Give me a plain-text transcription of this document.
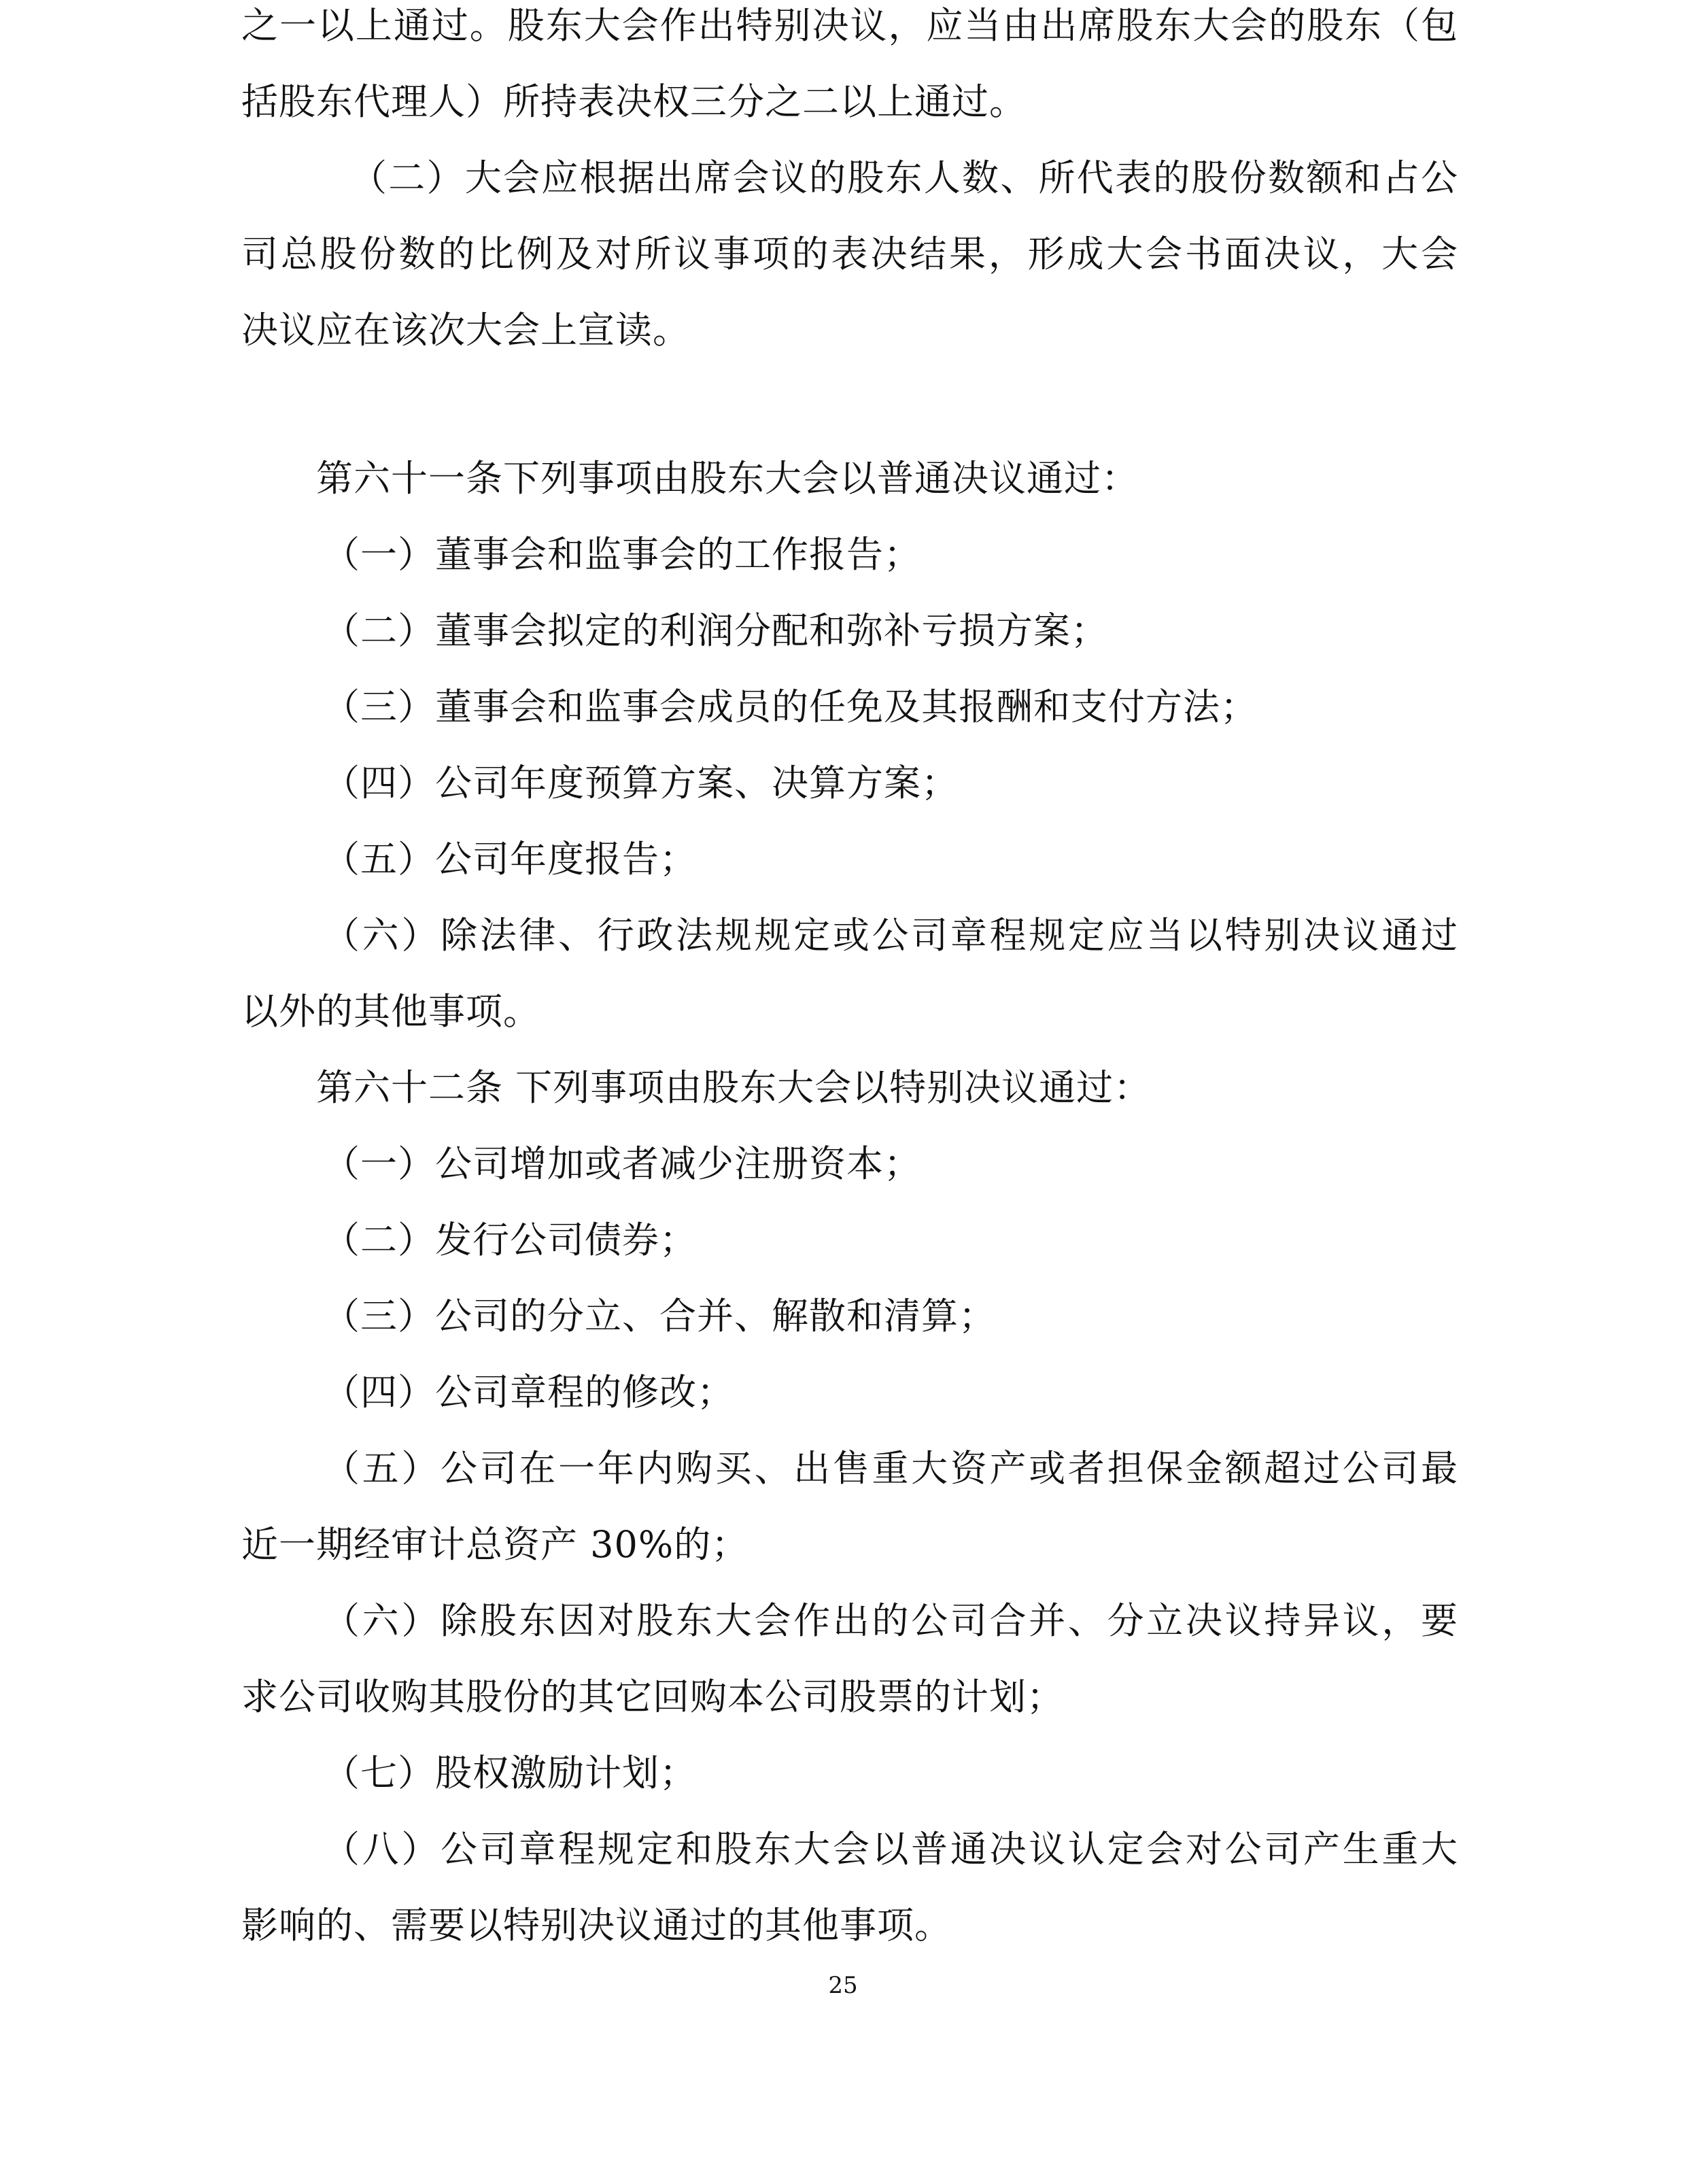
之一以上通过。股东大会作出特别决议，应当由出席股东大会的股东（包

括股东代理人）所持表决权三分之二以上通过。

（二）大会应根据出席会议的股东人数、所代表的股份数额和占公

司总股份数的比例及对所议事项的表决结果，形成大会书面决议，大会

决议应在该次大会上宣读。

第六十一条下列事项由股东大会以普通决议通过：

（一）董事会和监事会的工作报告；

（二）董事会拟定的利润分配和弥补亏损方案；

（三）董事会和监事会成员的任免及其报酬和支付方法；

（四）公司年度预算方案、决算方案；

（五）公司年度报告；

（六）除法律、行政法规规定或公司章程规定应当以特别决议通过

以外的其他事项。

第六十二条 下列事项由股东大会以特别决议通过：

（一）公司增加或者减少注册资本；

（二）发行公司债券；

（三）公司的分立、合并、解散和清算；

（四）公司章程的修改；

（五）公司在一年内购买、出售重大资产或者担保金额超过公司最

近一期经审计总资产 30%的；

（六）除股东因对股东大会作出的公司合并、分立决议持异议，要

求公司收购其股份的其它回购本公司股票的计划；

（七）股权激励计划；

（八）公司章程规定和股东大会以普通决议认定会对公司产生重大

影响的、需要以特别决议通过的其他事项。

25
